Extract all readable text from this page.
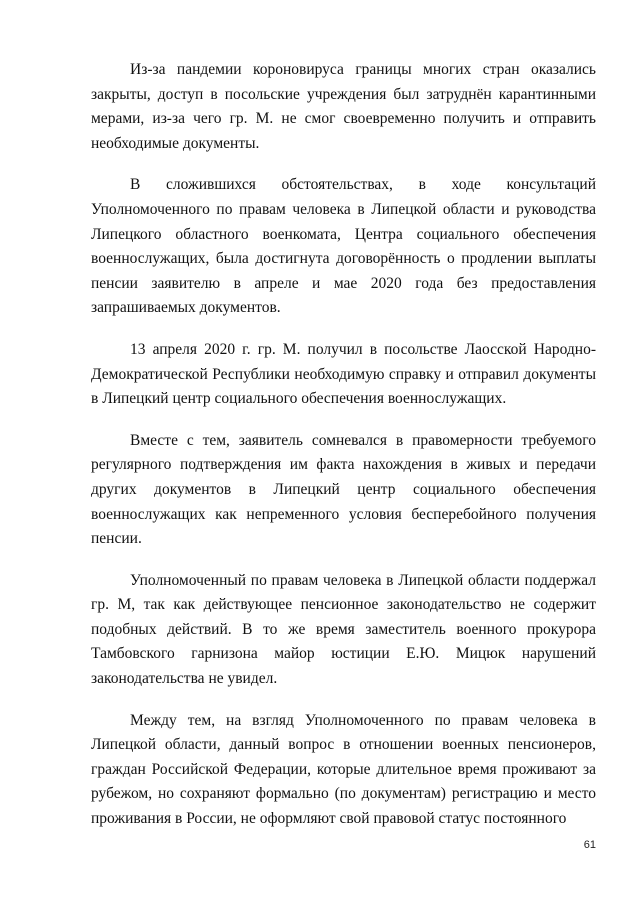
Из-за пандемии короновируса границы многих стран оказались закрыты, доступ в посольские учреждения был затруднён карантинными мерами, из-за чего гр. М. не смог своевременно получить и отправить необходимые документы.

В сложившихся обстоятельствах, в ходе консультаций Уполномоченного по правам человека в Липецкой области и руководства Липецкого областного военкомата, Центра социального обеспечения военнослужащих, была достигнута договорённость о продлении выплаты пенсии заявителю в апреле и мае 2020 года без предоставления запрашиваемых документов.

13 апреля 2020 г. гр. М. получил в посольстве Лаосской Народно-Демократической Республики необходимую справку и отправил документы в Липецкий центр социального обеспечения военнослужащих.

Вместе с тем, заявитель сомневался в правомерности требуемого регулярного подтверждения им факта нахождения в живых и передачи других документов в Липецкий центр социального обеспечения военнослужащих как непременного условия бесперебойного получения пенсии.

Уполномоченный по правам человека в Липецкой области поддержал гр. М, так как действующее пенсионное законодательство не содержит подобных действий. В то же время заместитель военного прокурора Тамбовского гарнизона майор юстиции Е.Ю. Мицюк нарушений законодательства не увидел.

Между тем, на взгляд Уполномоченного по правам человека в Липецкой области, данный вопрос в отношении военных пенсионеров, граждан Российской Федерации, которые длительное время проживают за рубежом, но сохраняют формально (по документам) регистрацию и место проживания в России, не оформляют свой правовой статус постоянного

61
